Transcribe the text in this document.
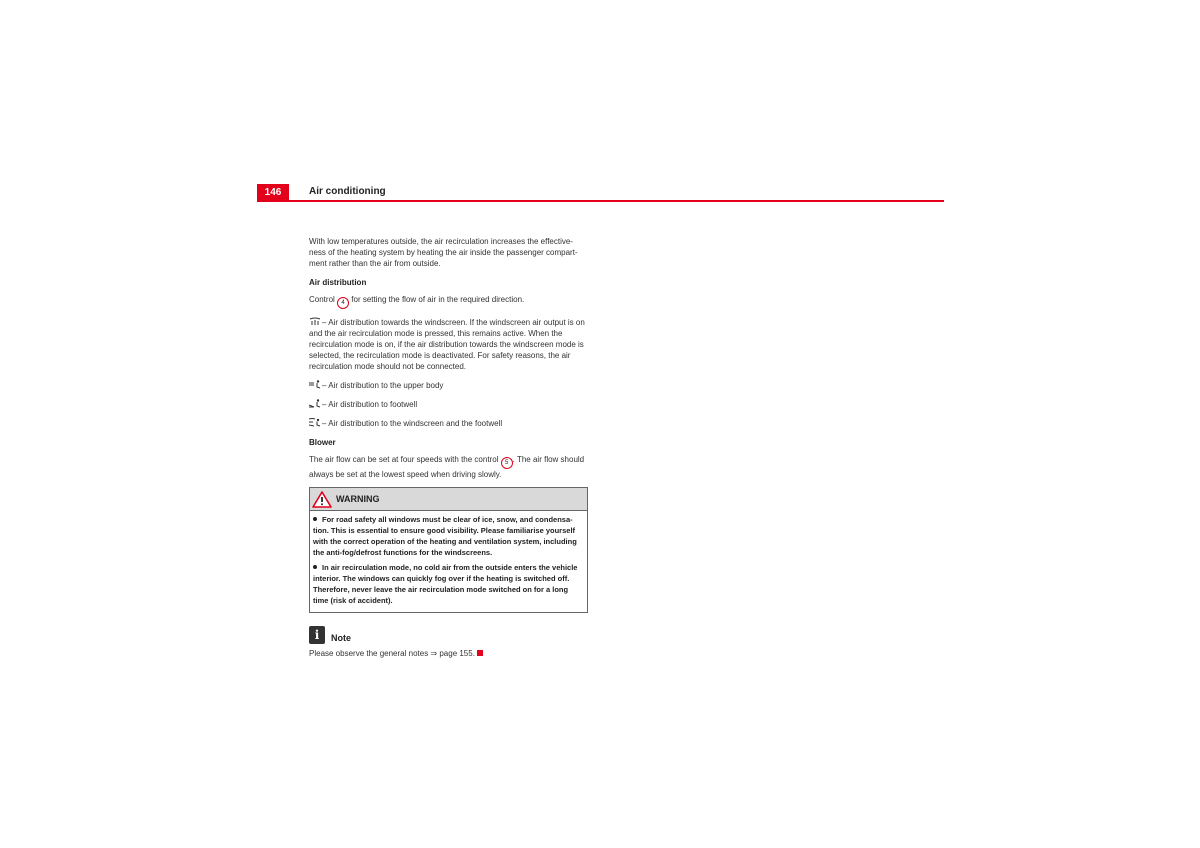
146	Air conditioning

With low temperatures outside, the air recirculation increases the effective-ness of the heating system by heating the air inside the passenger compart-ment rather than the air from outside.

Air distribution

Control 4 for setting the flow of air in the required direction.

– Air distribution towards the windscreen. If the windscreen air output is on and the air recirculation mode is pressed, this remains active. When the recirculation mode is on, if the air distribution towards the windscreen mode is selected, the recirculation mode is deactivated. For safety reasons, the air recirculation mode should not be connected.

– Air distribution to the upper body

– Air distribution to footwell

– Air distribution to the windscreen and the footwell

Blower

The air flow can be set at four speeds with the control 5 . The air flow should always be set at the lowest speed when driving slowly.

WARNING

For road safety all windows must be clear of ice, snow, and condensa-tion. This is essential to ensure good visibility. Please familiarise yourself with the correct operation of the heating and ventilation system, including the anti-fog/defrost functions for the windscreens.

In air recirculation mode, no cold air from the outside enters the vehicle interior. The windows can quickly fog over if the heating is switched off. Therefore, never leave the air recirculation mode switched on for a long time (risk of accident).

i	Note

Please observe the general notes ⇒ page 155.
